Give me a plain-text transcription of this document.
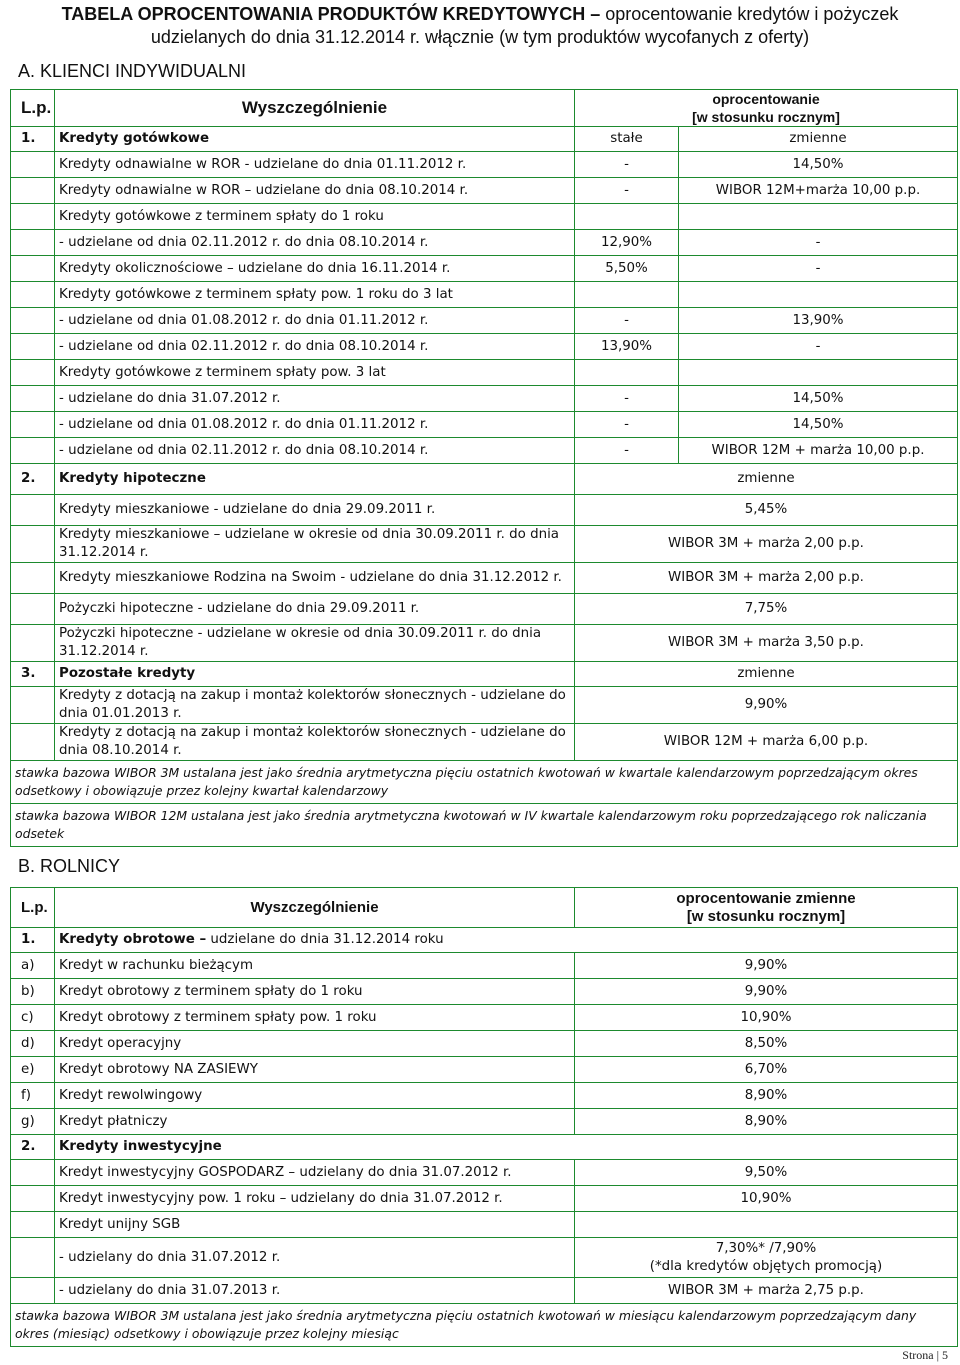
TABELA OPROCENTOWANIA PRODUKTÓW KREDYTOWYCH – oprocentowanie kredytów i pożyczek
udzielanych do dnia 31.12.2014 r. włącznie (w tym produktów wycofanych z oferty)
A. KLIENCI INDYWIDUALNI
L.p.	Wyszczególnienie	oprocentowanie
[w stosunku rocznym]	

1.	Kredyty gotówkowe	stałe	zmienne
	Kredyty odnawialne w ROR - udzielane do dnia 01.11.2012 r.	-	14,50%
	Kredyty odnawialne w ROR – udzielane do dnia 08.10.2014 r.	-	WIBOR 12M+marża 10,00 p.p.
	Kredyty gotówkowe z terminem spłaty do 1 roku		
	- udzielane od dnia 02.11.2012 r. do dnia 08.10.2014 r.	12,90%	-
	Kredyty okolicznościowe – udzielane do dnia 16.11.2014 r.	5,50%	-
	Kredyty gotówkowe z terminem spłaty pow. 1 roku do 3 lat		
	- udzielane od dnia 01.08.2012 r. do dnia 01.11.2012 r.	-	13,90%
	- udzielane od dnia 02.11.2012 r. do dnia 08.10.2014 r.	13,90%	-
	Kredyty gotówkowe z terminem spłaty pow. 3 lat		
	- udzielane do dnia 31.07.2012 r.	-	14,50%
	- udzielane od dnia 01.08.2012 r. do dnia 01.11.2012 r.	-	14,50%
	- udzielane od dnia 02.11.2012 r. do dnia 08.10.2014 r.	-	WIBOR 12M + marża 10,00 p.p.
2.	Kredyty hipoteczne	zmienne	
	Kredyty mieszkaniowe - udzielane do dnia 29.09.2011 r.	5,45%	
	Kredyty mieszkaniowe – udzielane w okresie od dnia 30.09.2011 r. do dnia 31.12.2014 r.	WIBOR 3M + marża 2,00 p.p.	
	Kredyty mieszkaniowe Rodzina na Swoim - udzielane do dnia 31.12.2012 r.	WIBOR 3M + marża 2,00 p.p.	
	Pożyczki hipoteczne - udzielane do dnia 29.09.2011 r.	7,75%	
	Pożyczki hipoteczne - udzielane w okresie od dnia 30.09.2011 r. do dnia 31.12.2014 r.	WIBOR 3M + marża 3,50 p.p.	
3.	Pozostałe kredyty	zmienne	
	Kredyty z dotacją na zakup i montaż kolektorów słonecznych - udzielane do dnia 01.01.2013 r.	9,90%	
	Kredyty z dotacją na zakup i montaż kolektorów słonecznych - udzielane do dnia 08.10.2014 r.	WIBOR 12M + marża 6,00 p.p.	
stawka bazowa WIBOR 3M ustalana jest jako średnia arytmetyczna pięciu ostatnich kwotowań w kwartale kalendarzowym poprzedzającym okres odsetkowy i obowiązuje przez kolejny kwartał kalendarzowy			
stawka bazowa WIBOR 12M ustalana jest jako średnia arytmetyczna kwotowań w IV kwartale kalendarzowym roku poprzedzającego rok naliczania odsetek			
B. ROLNICY
L.p.	Wyszczególnienie	oprocentowanie zmienne
[w stosunku rocznym]

1.	Kredyty obrotowe – udzielane do dnia 31.12.2014 roku	
a)	Kredyt w rachunku bieżącym	9,90%
b)	Kredyt obrotowy z terminem spłaty do 1 roku	9,90%
c)	Kredyt obrotowy z terminem spłaty pow. 1 roku	10,90%
d)	Kredyt operacyjny	8,50%
e)	Kredyt obrotowy NA ZASIEWY	6,70%
f)	Kredyt rewolwingowy	8,90%
g)	Kredyt płatniczy	8,90%
2.	Kredyty inwestycyjne	
	Kredyt inwestycyjny GOSPODARZ – udzielany do dnia 31.07.2012 r.	9,50%

	Kredyt inwestycyjny pow. 1 roku – udzielany do dnia 31.07.2012 r.	10,90%

	Kredyt unijny SGB	

	- udzielany do dnia 31.07.2012 r.	7,30%* /7,90%
(*dla kredytów objętych promocją)

	- udzielany do dnia 31.07.2013 r.	WIBOR 3M + marża 2,75 p.p.

stawka bazowa WIBOR 3M ustalana jest jako średnia arytmetyczna pięciu ostatnich kwotowań w miesiącu kalendarzowym poprzedzającym dany okres (miesiąc) odsetkowy i obowiązuje przez kolejny miesiąc		
Strona | 5
